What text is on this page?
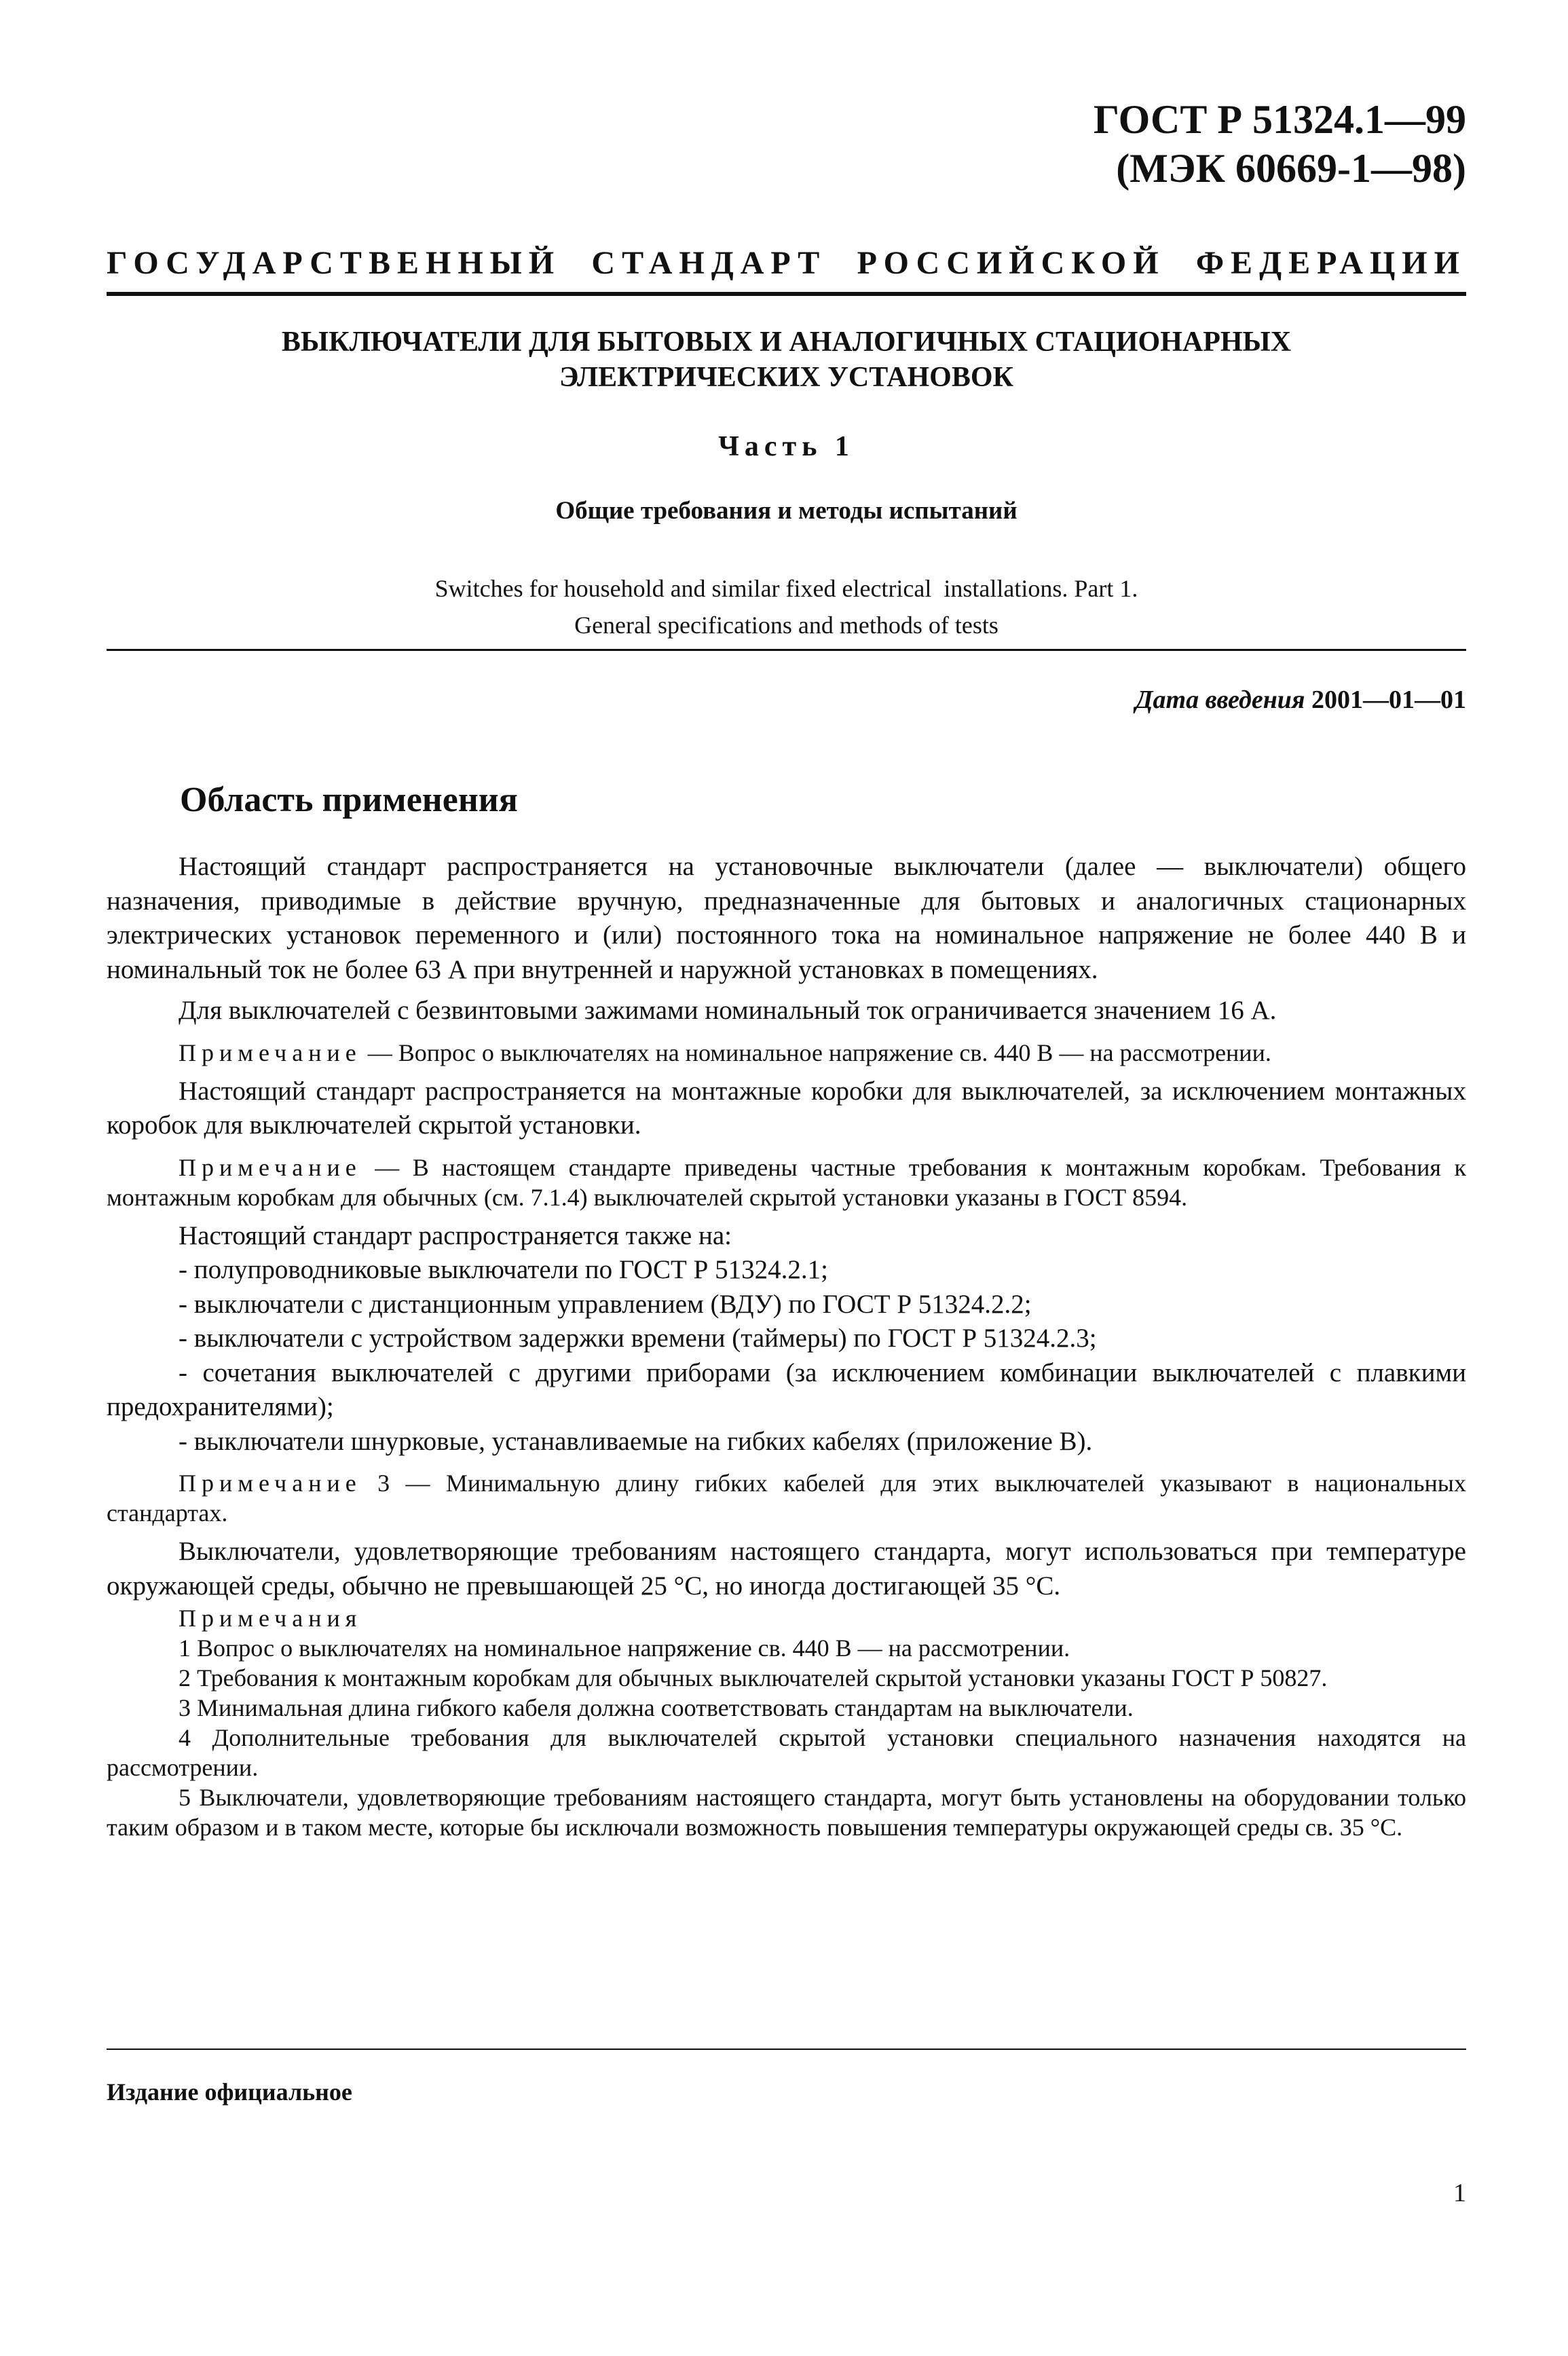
ГОСТ Р 51324.1—99
(МЭК 60669-1—98)
ГОСУДАРСТВЕННЫЙ СТАНДАРТ РОССИЙСКОЙ ФЕДЕРАЦИИ
ВЫКЛЮЧАТЕЛИ ДЛЯ БЫТОВЫХ И АНАЛОГИЧНЫХ СТАЦИОНАРНЫХ
ЭЛЕКТРИЧЕСКИХ УСТАНОВОК
Часть 1
Общие требования и методы испытаний
Switches for household and similar fixed electrical  installations. Part 1.
General specifications and methods of tests
Дата введения 2001—01—01
Область применения

Настоящий стандарт распространяется на установочные выключатели (далее — выключатели) общего назначения, приводимые в действие вручную, предназначенные для бытовых и аналогичных стационарных электрических установок переменного и (или) постоянного тока на номинальное напряжение не более 440 В и номинальный ток не более 63 А при внутренней и наружной установках в помещениях.

Для выключателей с безвинтовыми зажимами номинальный ток ограничивается значением 16 А.

Примечание — Вопрос о выключателях на номинальное напряжение св. 440 В — на рассмотрении.

Настоящий стандарт распространяется на монтажные коробки для выключателей, за исключением монтажных коробок для выключателей скрытой установки.

Примечание — В настоящем стандарте приведены частные требования к монтажным коробкам. Требования к монтажным коробкам для обычных (см. 7.1.4) выключателей скрытой установки указаны в ГОСТ 8594.

Настоящий стандарт распространяется также на:

- полупроводниковые выключатели по ГОСТ Р 51324.2.1;

- выключатели с дистанционным управлением (ВДУ) по ГОСТ Р 51324.2.2;

- выключатели с устройством задержки времени (таймеры) по ГОСТ Р 51324.2.3;

- сочетания выключателей с другими приборами (за исключением комбинации выключателей с плавкими предохранителями);

- выключатели шнурковые, устанавливаемые на гибких кабелях (приложение В).

Примечание 3 — Минимальную длину гибких кабелей для этих выключателей указывают в национальных стандартах.

Выключатели, удовлетворяющие требованиям настоящего стандарта, могут использоваться при температуре окружающей среды, обычно не превышающей 25 °С, но иногда достигающей 35 °С.

Примечания

1 Вопрос о выключателях на номинальное напряжение св. 440 В — на рассмотрении.

2 Требования к монтажным коробкам для обычных выключателей скрытой установки указаны ГОСТ Р 50827.

3 Минимальная длина гибкого кабеля должна соответствовать стандартам на выключатели.

4 Дополнительные требования для выключателей скрытой установки специального назначения находятся на рассмотрении.

5 Выключатели, удовлетворяющие требованиям настоящего стандарта, могут быть установлены на оборудовании только таким образом и в таком месте, которые бы исключали возможность повышения температуры окружающей среды св. 35 °С.

Издание официальное
1
